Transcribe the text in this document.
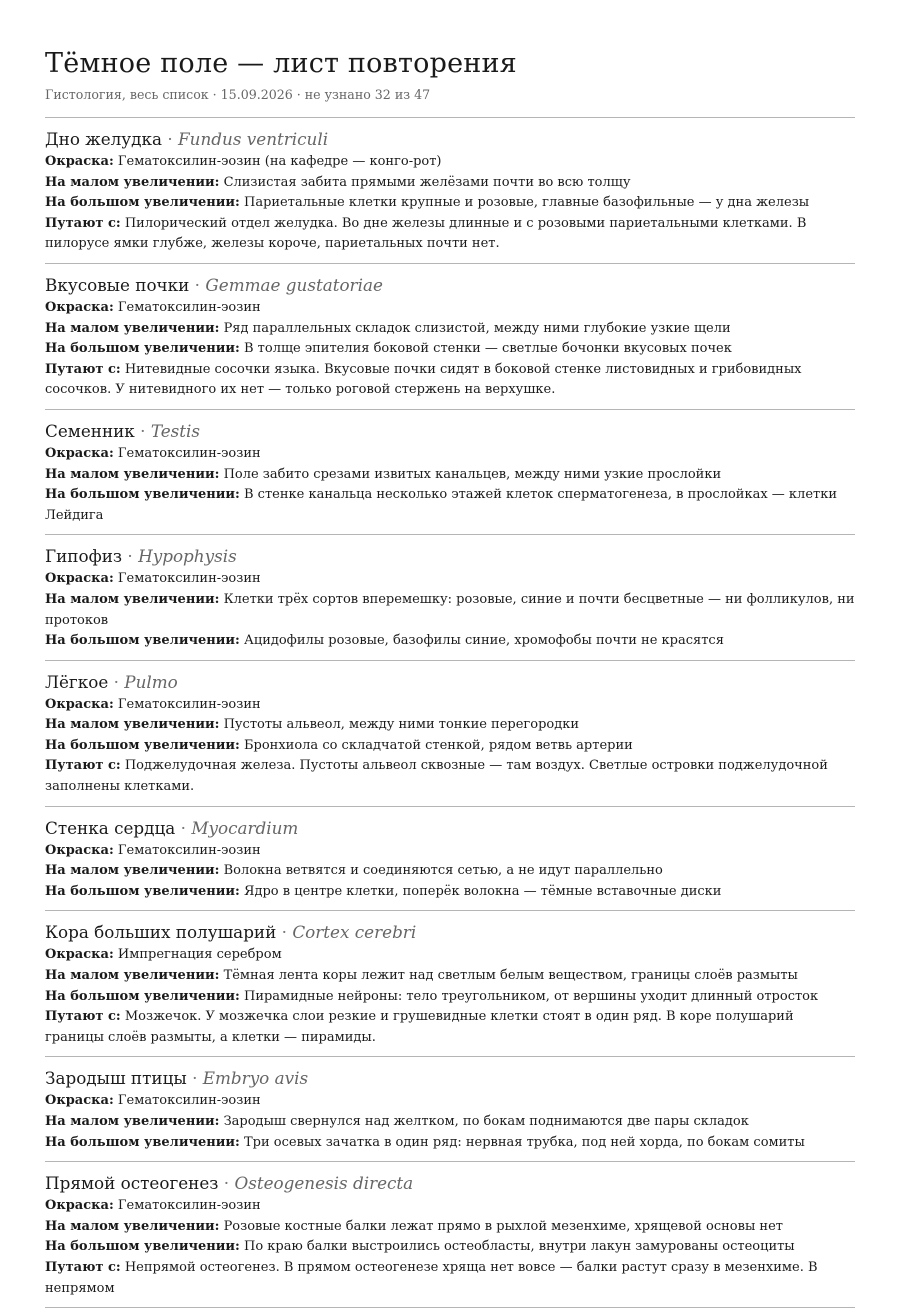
Тёмное поле — лист повторения
Гистология, весь список · 15.09.2026 · не узнано 32 из 47
Дно желудка · Fundus ventriculi
Окраска: Гематоксилин-эозин (на кафедре — конго-рот)
На малом увеличении: Слизистая забита прямыми желёзами почти во всю толщу
На большом увеличении: Париетальные клетки крупные и розовые, главные базофильные — у дна железы
Путают с: Пилорический отдел желудка. Во дне железы длинные и с розовыми париетальными клетками. В пилорусе ямки глубже, железы короче, париетальных почти нет.
Вкусовые почки · Gemmae gustatoriae
Окраска: Гематоксилин-эозин
На малом увеличении: Ряд параллельных складок слизистой, между ними глубокие узкие щели
На большом увеличении: В толще эпителия боковой стенки — светлые бочонки вкусовых почек
Путают с: Нитевидные сосочки языка. Вкусовые почки сидят в боковой стенке листовидных и грибовидных сосочков. У нитевидного их нет — только роговой стержень на верхушке.
Семенник · Testis
Окраска: Гематоксилин-эозин
На малом увеличении: Поле забито срезами извитых канальцев, между ними узкие прослойки
На большом увеличении: В стенке канальца несколько этажей клеток сперматогенеза, в прослойках — клетки Лейдига
Гипофиз · Hypophysis
Окраска: Гематоксилин-эозин
На малом увеличении: Клетки трёх сортов вперемешку: розовые, синие и почти бесцветные — ни фолликулов, ни протоков
На большом увеличении: Ацидофилы розовые, базофилы синие, хромофобы почти не красятся
Лёгкое · Pulmo
Окраска: Гематоксилин-эозин
На малом увеличении: Пустоты альвеол, между ними тонкие перегородки
На большом увеличении: Бронхиола со складчатой стенкой, рядом ветвь артерии
Путают с: Поджелудочная железа. Пустоты альвеол сквозные — там воздух. Светлые островки поджелудочной заполнены клетками.
Стенка сердца · Myocardium
Окраска: Гематоксилин-эозин
На малом увеличении: Волокна ветвятся и соединяются сетью, а не идут параллельно
На большом увеличении: Ядро в центре клетки, поперёк волокна — тёмные вставочные диски
Кора больших полушарий · Cortex cerebri
Окраска: Импрегнация серебром
На малом увеличении: Тёмная лента коры лежит над светлым белым веществом, границы слоёв размыты
На большом увеличении: Пирамидные нейроны: тело треугольником, от вершины уходит длинный отросток
Путают с: Мозжечок. У мозжечка слои резкие и грушевидные клетки стоят в один ряд. В коре полушарий границы слоёв размыты, а клетки — пирамиды.
Зародыш птицы · Embryo avis
Окраска: Гематоксилин-эозин
На малом увеличении: Зародыш свернулся над желтком, по бокам поднимаются две пары складок
На большом увеличении: Три осевых зачатка в один ряд: нервная трубка, под ней хорда, по бокам сомиты
Прямой остеогенез · Osteogenesis directa
Окраска: Гематоксилин-эозин
На малом увеличении: Розовые костные балки лежат прямо в рыхлой мезенхиме, хрящевой основы нет
На большом увеличении: По краю балки выстроились остеобласты, внутри лакун замурованы остеоциты
Путают с: Непрямой остеогенез. В прямом остеогенезе хряща нет вовсе — балки растут сразу в мезенхиме. В непрямом
